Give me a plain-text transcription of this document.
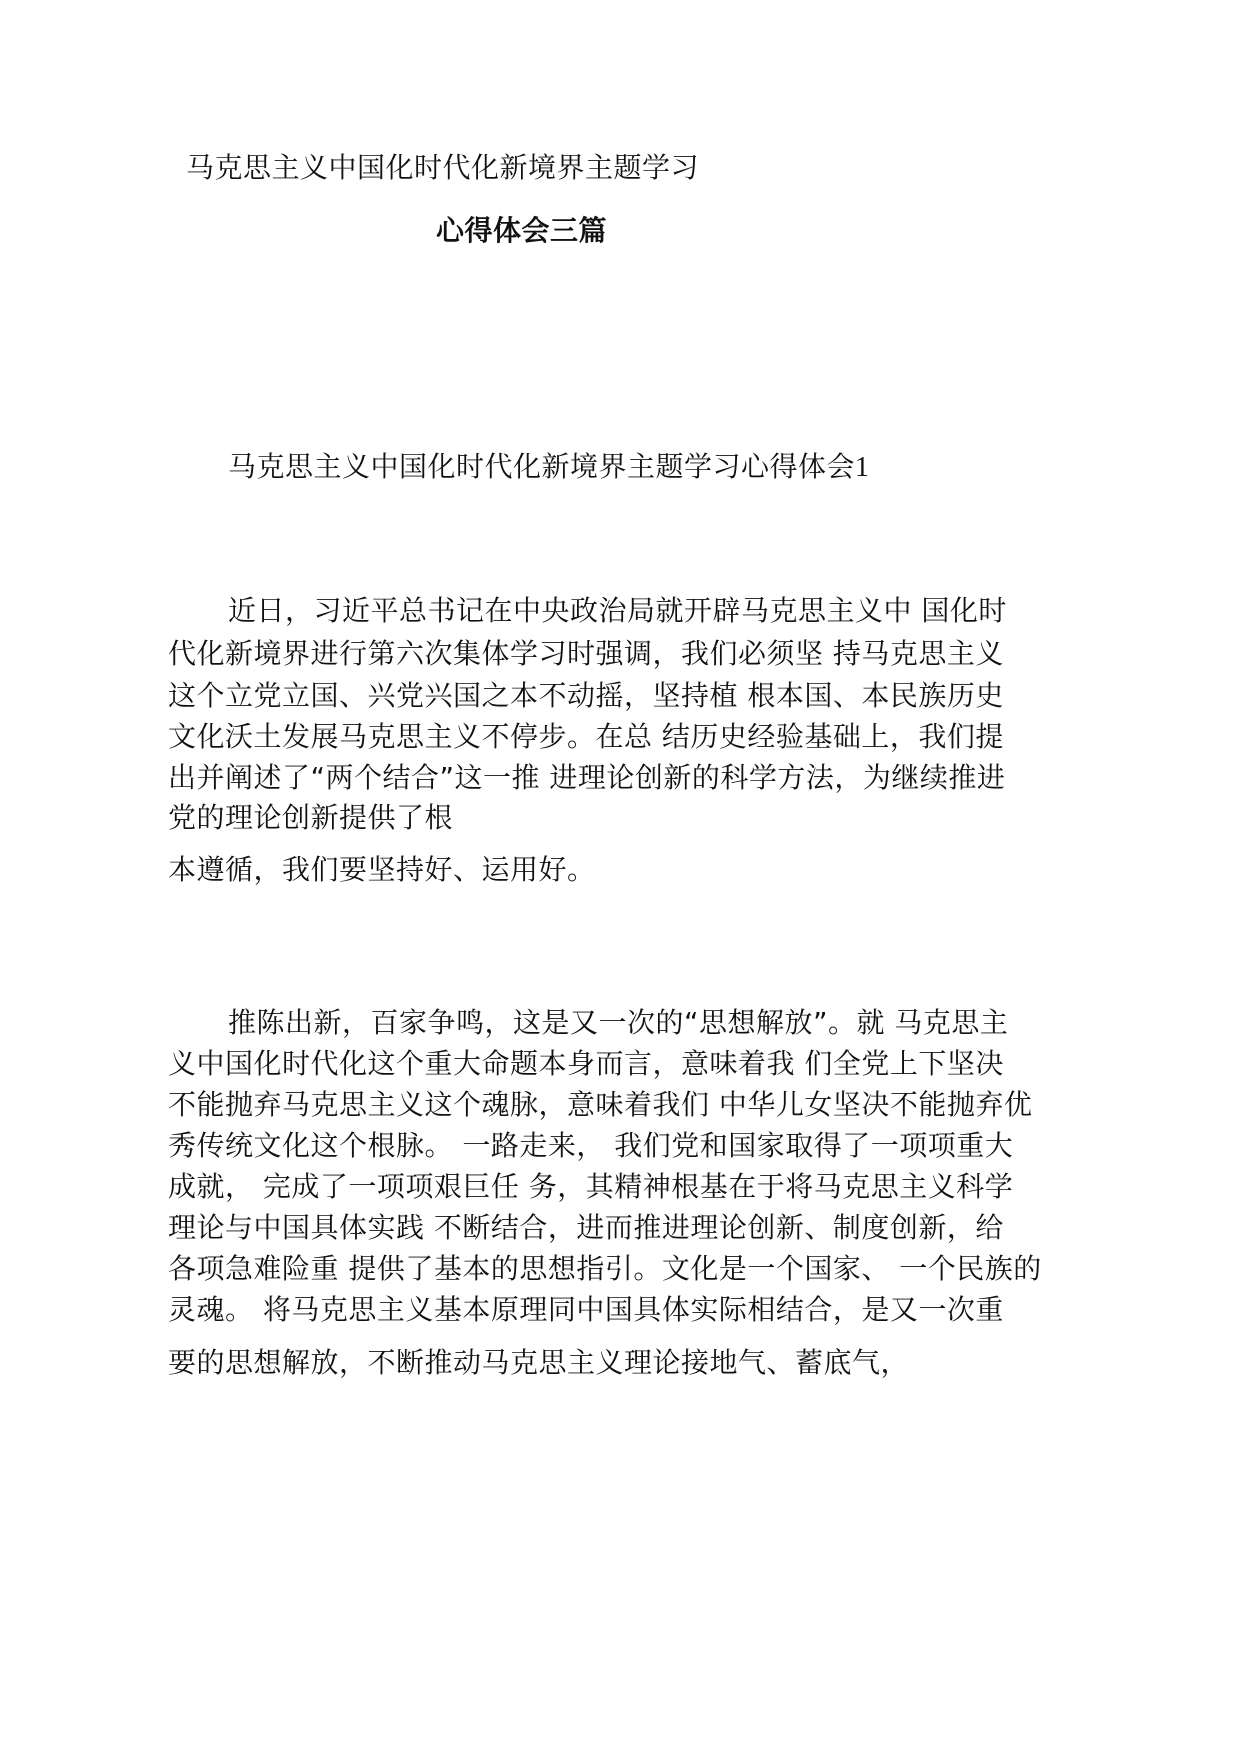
马克思主义中国化时代化新境界主题学习
心得体会三篇
马克思主义中国化时代化新境界主题学习心得体会1
近日，习近平总书记在中央政治局就开辟马克思主义中 国化时
代化新境界进行第六次集体学习时强调，我们必须坚 持马克思主义
这个立党立国、兴党兴国之本不动摇，坚持植 根本国、本民族历史
文化沃土发展马克思主义不停步。在总 结历史经验基础上，我们提
出并阐述了“两个结合”这一推 进理论创新的科学方法，为继续推进
党的理论创新提供了根
本遵循，我们要坚持好、运用好。
推陈出新，百家争鸣，这是又一次的“思想解放”。就 马克思主
义中国化时代化这个重大命题本身而言，意味着我 们全党上下坚决
不能抛弃马克思主义这个魂脉，意味着我们 中华儿女坚决不能抛弃优
秀传统文化这个根脉。 一路走来， 我们党和国家取得了一项项重大
成就， 完成了一项项艰巨任 务，其精神根基在于将马克思主义科学
理论与中国具体实践 不断结合，进而推进理论创新、制度创新，给
各项急难险重 提供了基本的思想指引。文化是一个国家、 一个民族的
灵魂。 将马克思主义基本原理同中国具体实际相结合，是又一次重
要的思想解放，不断推动马克思主义理论接地气、蓄底气，
